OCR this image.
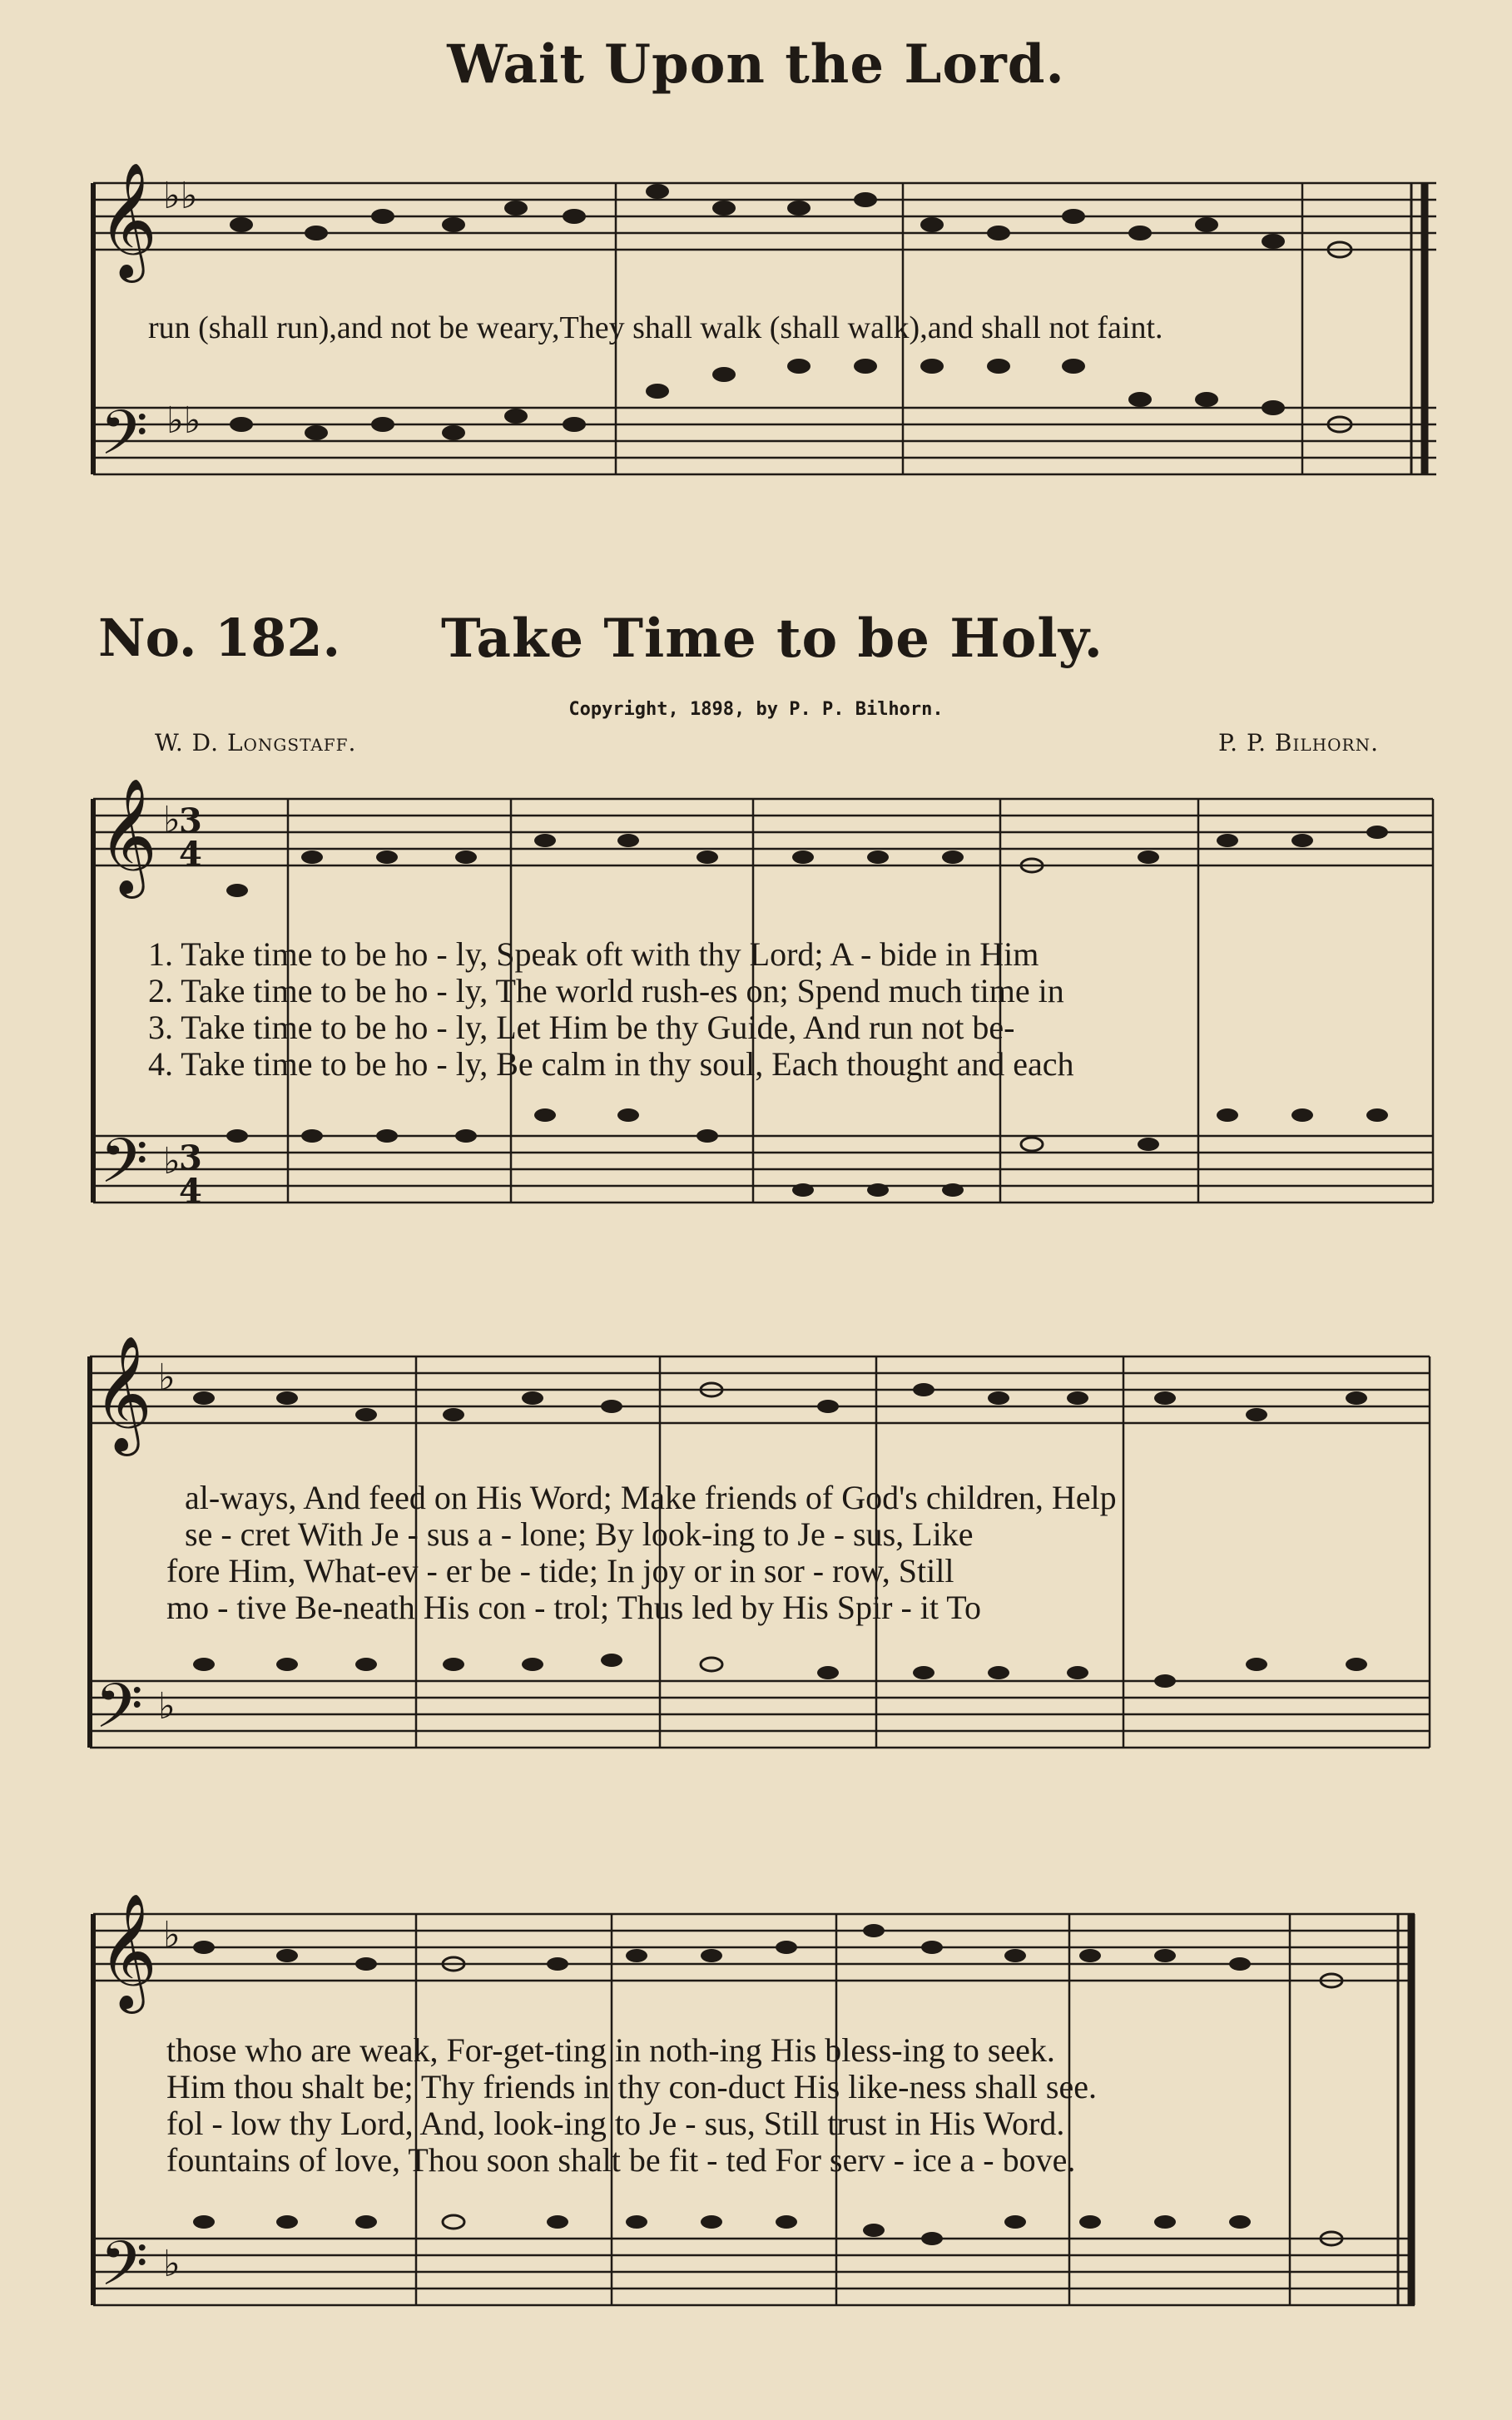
Wait Upon the Lord.
No. 182. Take Time to be Holy.
Copyright, 1898, by P. P. Bilhorn.
W. D. Longstaff.	P. P. Bilhorn.
𝄞
𝄢
♭♭
♭♭
𝄞
𝄢
♭
♭
3
4
3
4
𝄞
𝄢
♭
♭
𝄞
𝄢
♭
♭
run (shall run),and not be weary,They shall walk (shall walk),and shall not faint.
1. Take time to be ho - ly, Speak oft with thy Lord; A - bide in Him
2. Take time to be ho - ly, The world rush-es on; Spend much time in
3. Take time to be ho - ly, Let Him be thy Guide, And run not be-
4. Take time to be ho - ly, Be calm in thy soul, Each thought and each
al-ways, And feed on His Word; Make friends of God's children, Help
se - cret With Je - sus a - lone; By look-ing to Je - sus, Like
fore Him, What-ev - er be - tide; In joy or in sor - row, Still
mo - tive Be-neath His con - trol; Thus led by His Spir - it To
those who are weak, For-get-ting in noth-ing His bless-ing to seek.
Him thou shalt be; Thy friends in thy con-duct His like-ness shall see.
fol - low thy Lord, And, look-ing to Je - sus, Still trust in His Word.
fountains of love, Thou soon shalt be fit - ted For serv - ice a - bove.
